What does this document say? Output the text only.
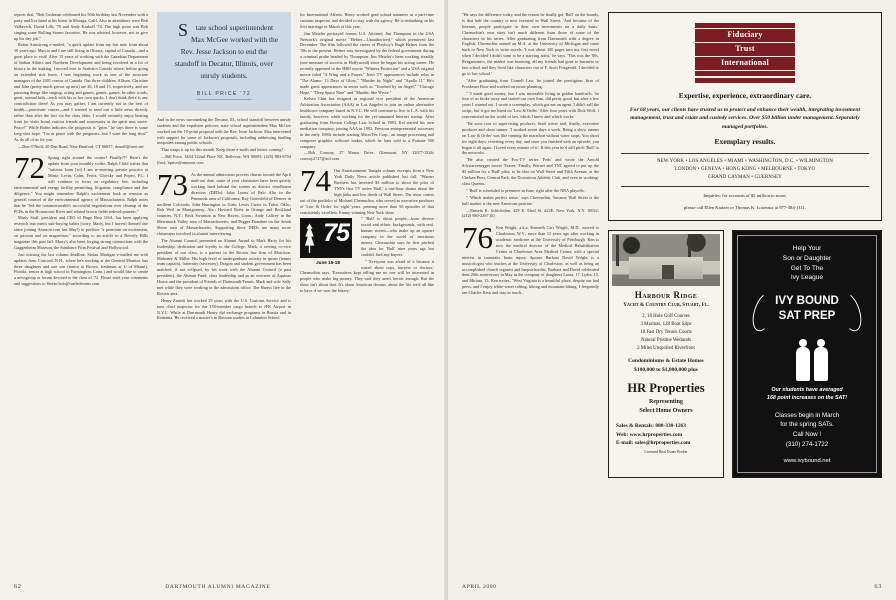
reports that, "Bob Cushman celebrated his 50th birthday last November with a party and live band at his home in Moraga, Calif. Also in attendance were Bob Valkevich, David Lilly '70 and Andy Krakoff '74. The high point was Bob singing some Rolling Stones favorites. He was advised, however, not to give up his day job."

Robin Armstrong e-mailed, "a quick update from my last note from about 10 years ago. Marcia and I are still living in Ottawa, capital of Canada—and a great place to visit! After 15 years of working with the Canadian Department of Indian Affairs and Northern Development and being involved in a lot of history in the making, I moved over to Statistics Canada where, before going on extended sick leave, I was beginning work as one of the associate managers of the 2001 census of Canada. Our three children, Allison, Christine and John (pretty much grown up now) are 20, 18 and 15, respectively, and are pursuing things like singing, acting and games, games, games. In other words, great, normal kids—each with his or her own quirks. I don't think there is any contradiction there! As you may gather, I am currently not in the best of health—pancreatic cancer—and I wanted to send out a little news directly rather than after the fact via the class obits. I would certainly enjoy hearing from (or visits from) various friends and roommates as the spirit may move. Peace!" While Robin indicates the prognosis is "grim," he says there is some long-shot hope. "I'm at peace with the prognosis...but I want the long shot!" As do all of us for you.

—Don O'Neill, 20 Den Road, New Hartford, CT 06057; doneill@snet.net

72 Spring right around the corner? Finally?!? Here's the update from your monthly scribe. Ralph Child writes that "tuitions loom [so] I am re-entering private practice at Mintz, Levin, Cohn, Ferris, Glovsky and Popeo, P.C. I will continue to focus on regulatory law, including environmental and energy facility permitting, litigation, compliance and due diligence." You might remember Ralph's excitement back at reunion as general counsel of the environmental agency of Massachusetts. Ralph notes that he "led the commonwealth's successful negotiations over cleanup of the PCBs in the Housatonic River and related brown fields redevelopments."

Marty Staff, president and CEO of Hugo Boss USA, has been applying research into men's suit-buying habits (sorry, Marty, but I haven't donned one since joining Amazon.com last May!) to produce "a premium on excitement, on passion and on magnetism," according to an article in a Beverly Hills magazine this past fall. Marty's also been forging strong connections with the Guggenheim Museum, the Sundance Film Festival and Hollywood.

Just missing the last column deadline, Stefan Martigae e-mailed me with updates from Concord, N.H., where he's working at the General Monitor, has three daughters and one son (senior at Brown, freshman at U of Miami), Florida, senior at high school in Farmington, Conn.) and would like to create a newsgroup or forum devoted to the class of '72. Please send your comments and suggestions to Stefan hots@turtledreams.com.

S tate school superintendent Max McGee worked with the Rev. Jesse Jackson to end the standoff in Decatur, Illinois, over unruly students.
BILL PRICE '72

And in the news surrounding the Decatur, Ill., school standoff between unruly students and the expulsion policies, state school superintendent Max McGee worked out the 10-point proposal with the Rev. Jesse Jackson. Max intervened with support for some of Jackson's proposals, including addressing funding inequities among public schools.

That wraps it up for this month. Keep those e-mails and letters coming!

—Bill Price, 3434 122nd Place NE, Bellevue, WA 98005; (425) 883-6704 (fax); bprice@amazon.com

73 As the annual admissions process churns toward the April mail-out date, some of your classmates have been quietly working hard behind the scenes as district enrollment directors (DEDs): John Lyons of Palo Alto in the Peninsula area of California; Ray Gottesfeld of Denver in northern Colorado; John Harrington in Utah; Lewis Carter in Tulsa, Okla.; Bob Weil in Montgomery, Ala.; Howard Reiss in Orange and Rockland counties, N.Y.; Beck Swanson in New Haven, Conn.; Andy Caffrey in the Merrimack Valley area of Massachusetts; and Digger Donahue on the South Shore area of Massachusetts. Supporting these DEDs are many more classmates involved in alumni interviewing.

The Alumni Council presented an Alumni Award to Mark Harty for his leadership, dedication and loyalty to the College. Mark, a serving co-vice president of our class, is a partner in the Boston law firm of Morrison, Mahoney & Miller. His high level of undergraduate activity in sports (tennis team captain), fraternity (secretary), Dragon and student government has been matched, if not eclipsed, by his work with the Alumni Council (a past president), the Alumni Fund, class leadership and as an overseer of Aquinas House and the president of Friends of Dartmouth Tennis. Mark and wife Sally met while they were working in the admissions office. The Hartys live in the Boston area.

Henry Zanetti has worked 25 years with the U.S. Customs Service and is now chief inspector for the 150-member cargo branch at JFK Airport in N.Y.C. While at Dartmouth Henry did exchange programs in Russia and in Romania. He received a master's in Russian studies at Columbia School

for International Affairs. Henry worked grad school summers as a part-time customs inspector and decided to stay with the agency. He is embarking on his first marriage in March of this year.

Jim Metzler portrayed former U.S. Attorney Jim Thompson in the USA Network's original movie "Hefner—Unauthorized," which premiered last December. The film followed the career of Playboy's Hugh Hefner from the '50s to the present. Hefner was investigated by the federal government during a criminal probe headed by Thompson. Jim Metzler's been working steadily (one measure of success in Hollywood) since he began his acting career. He recently appeared in the HBO movie "Witness Protection" and a USA original movie titled "A Wing and a Prayer." Jim's TV appearances include roles in "The Alamo: 13 Days of Glory," "Murder by Night" and "Apollo II." He's made guest appearances in series such as "Touched by an Angel," "Chicago Hope," "Deep Space Nine" and "Murder, She Wrote."

Kelvin Chin has resigned as regional vice president of the American Arbitration Association (AAA) in Los Angeles to join an online alternative healthcare company based in N.Y.C. He will continue to live in L.A. with his family, however, while working for the yet-unnamed Internet startup. After graduating from Boston College Law School in 1983, Kel started his own mediation company, joining AAA in 1992. Previous entrepreneurial successes in the early 1980s include starting MicroTex Corp., an image processing and computer graphics software maker, which he later sold to a Fortune 500 company.

—Bob Conway, 27 Manor Drive, Glenmont, NY 12077-3326; conway2727@aol.com

74 Our Entertainment Tonight column excerpts from a New York Daily News article published last fall. "Warner Brothers has invested $3 million to shoot the pilot of TNT's first TV series 'Bull,' a one-hour drama about the high jinks and low deeds of Wall Street. The show comes out of the portfolio of Michael Chernuchin, who served as executive producer of 'Law & Order' for eight years, penning more than 50 episodes of that consistently excellent, Emmy-winning New York show.

75
June 15-18

" 'Bull' is about people—from diverse social and ethnic backgrounds, with real, human stories—who make up an upstart company in the world of enormous money. Chernuchin says he first pitched the idea for 'Bull' nine years ago but couldn't find any buyers.

" 'Everyone was afraid of it because it wasn't about cops, lawyers or doctors,' Chernuchin says. 'Executives kept telling me no one will be interested in people who make big money. They said they aren't heroic enough. But the show isn't about that. It's about American dreams, about the life we'd all like to have if we won the lottery.'

62	DARTMOUTH ALUMNI MAGAZINE

"He says the difference today, and the reason he finally got 'Bull' on the boards, is that half the country is now invested in Wall Street. 'And because of the Internet, people participate in their own investments on a daily basis.' Chernuchin's own story isn't much different from those of some of the characters in his series. After graduating from Dartmouth with a degree in English, Chernuchin earned an M.A. at the University of Michigan and came back to New York to write novels. 'I was about 100 pages into my first novel when I decided I didn't want to be a starving artist,' he says. 'This was the '80s, Reaganomics, the market was booming, all my friends had gone to business or law school and they lived like characters out of F. Scott Fitzgerald. I decided to go to law school.'

"After graduating from Cornell Law, he joined the prestigious firm of Proskauer Rose and worked on estate planning.

" 'I made good money, but I was miserable living in golden handcuffs. So four of us broke away and started our own firm, did pretty good, but after a few years I wanted out. I wrote a screenplay, which got me an agent. I didn't sell the script, but it got me hired on 'Law & Order.' After four years with Dick Wolf, I concentrated on the world of law, which I knew and which works.'

"He soon rose to supervising producer, head writer and, finally, executive producer and show runner. 'I worked seven days a week. Being a show runner on 'Law & Order' was like running the marathon without water stops. You shoot for eight days, rewriting every day, and once you finished with an episode, you began it all again. I loved every minute of it.' If this year he'd still pitch 'Bull' to the networks.

"He also created the Fox-TV series 'Feds' and wrote the Arnold Schwarzenegger movie 'Eraser.' Finally, Warner and TNT agreed to put up the $3 million for a 'Bull' pilot, to be shot on Wall Street and Fifth Avenue, at the Chelsea Piers, Central Park, the Downtown Athletic Club, and even in working-class Queens.

" 'Bull' is scheduled to premiere in June, right after the NBA playoffs.

" 'Which makes perfect sense,' says Chernuchin, 'because Wall Street is the bull market is the new American pastime.'

—Pamela K. Schlobohm, 429 E. 52nd St. #22E, New York, N.Y. 10022; (212) 980-2267 (h)

76 Ken Wright, a.k.a. Kenneth Carr Wright, M.D., moved to Charleston, W.V., more than 12 years ago after working in academic medicine at the University of Pittsburgh. Ken is now the medical director of the Medical Rehabilitation Center at Charleston Area Medical Center, with a special interest in traumatic brain injury. Spouse Barbara David Wright is a musicologist who teaches at the University of Charleston, as well as being an accomplished church organist and harpsichordist. Barbara and David celebrated their 20th anniversary in May in the company of daughters Laura, 17, Lydia, 15, and Miriam, 13. Ken writes, "West Virginia is a beautiful place, despite our bad press, and I enjoy white-water rafting, hiking and mountain biking. I frequently see Charles Kern and stay in touch...

Fiduciary
Trust
International
Expertise, experience, extraordinary care.
For 68 years, our clients have trusted us to protect and enhance their wealth, integrating investment management, trust and estate and custody services. Over $50 billion under management. Separately managed portfolios.
Exemplary results.
NEW YORK • LOS ANGELES • MIAMI • WASHINGTON, D.C. • WILMINGTON
LONDON • GENEVA • HONG KONG • MELBOURNE • TOKYO
GRAND CAYMAN • GUERNSEY
Inquiries: for accounts of $2 million or more,
please call Ellen Kratzer or Thomas K. Loizeaux at 877-384-1111.
Harbour Ridge
Yacht & Country Club, Stuart, Fl.
2, 18 Hole Golf Courses
3 Marinas, 128 Boat Slips
10 Fast Dry Tennis Courts
Natural Pristine Wetlands
2 Miles Unspoiled Riverfront
Condominiums & Estate Homes
$100,000 to $1,000,000 plus
HR Properties
Representing
Select Home Owners
Sales & Rentals: 800-330-1263
Web: www.hrproperties.com
E-mail: sales@hrproperties.com
Licensed Real Estate Broker
Help Your
Son or Daughter
Get To The
Ivy League
IVY BOUND
SAT PREP
Our students have averaged
168 point increases on the SAT!
Classes begin in March
for the spring SATs.
Call Now !
(310) 274-1722
www.ivybound.net
APRIL 2000	63
